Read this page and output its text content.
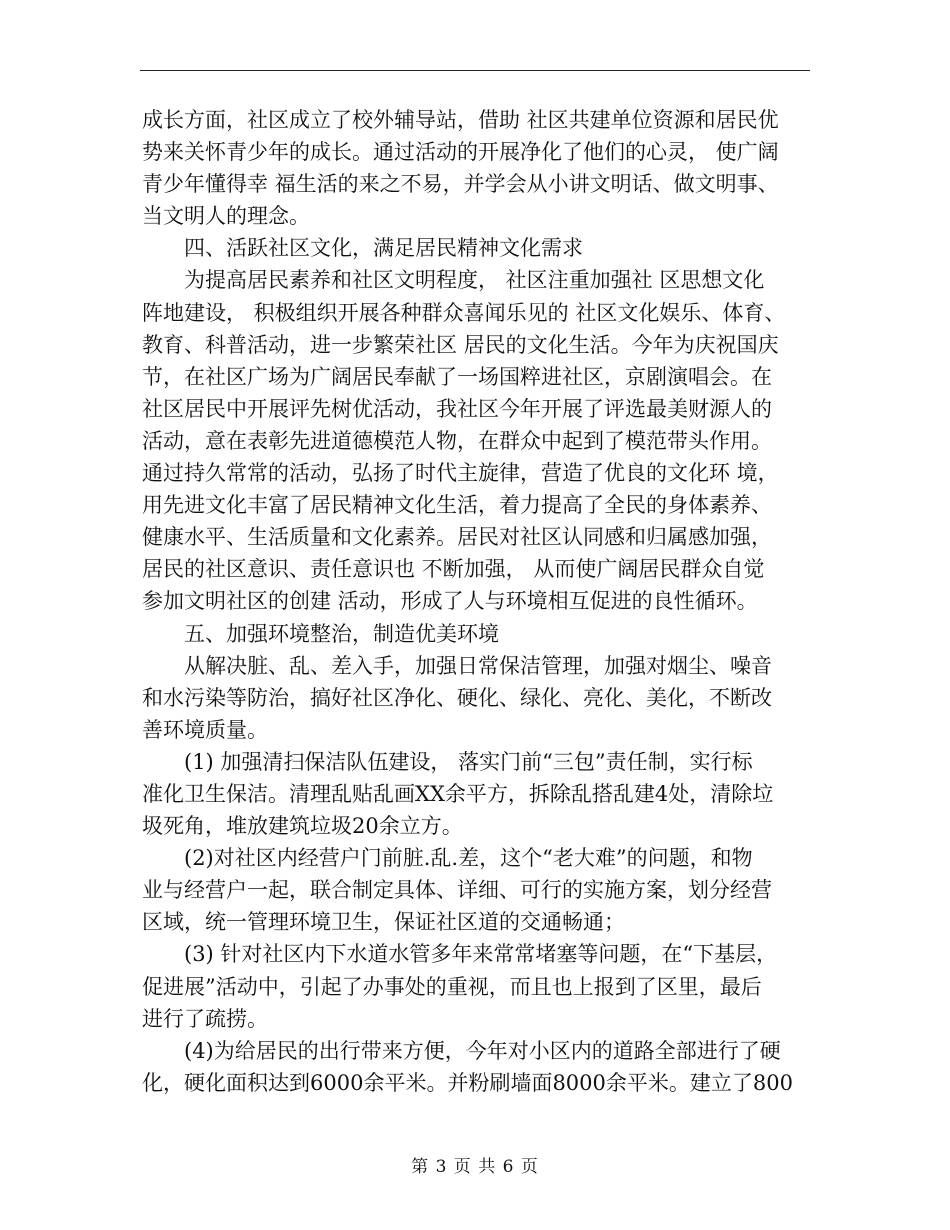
成长方面，社区成立了校外辅导站，借助 社区共建单位资源和居民优
势来关怀青少年的成长。通过活动的开展净化了他们的心灵， 使广阔
青少年懂得幸 福生活的来之不易，并学会从小讲文明话、做文明事、
当文明人的理念。
四、活跃社区文化，满足居民精神文化需求
为提高居民素养和社区文明程度， 社区注重加强社 区思想文化
阵地建设， 积极组织开展各种群众喜闻乐见的 社区文化娱乐、体育、
教育、科普活动，进一步繁荣社区 居民的文化生活。今年为庆祝国庆
节，在社区广场为广阔居民奉献了一场国粹进社区，京剧演唱会。在
社区居民中开展评先树优活动，我社区今年开展了评选最美财源人的
活动，意在表彰先进道德模范人物，在群众中起到了模范带头作用。
通过持久常常的活动，弘扬了时代主旋律，营造了优良的文化环 境，
用先进文化丰富了居民精神文化生活，着力提高了全民的身体素养、
健康水平、生活质量和文化素养。居民对社区认同感和归属感加强，
居民的社区意识、责任意识也 不断加强， 从而使广阔居民群众自觉
参加文明社区的创建 活动，形成了人与环境相互促进的良性循环。
五、加强环境整治，制造优美环境
从解决脏、乱、差入手，加强日常保洁管理，加强对烟尘、噪音
和水污染等防治，搞好社区净化、硬化、绿化、亮化、美化，不断改
善环境质量。
(1) 加强清扫保洁队伍建设， 落实门前“三包”责任制，实行标
准化卫生保洁。清理乱贴乱画XX余平方，拆除乱搭乱建4处，清除垃
圾死角，堆放建筑垃圾20余立方。
(2)对社区内经营户门前脏.乱.差，这个“老大难”的问题，和物
业与经营户一起，联合制定具体、详细、可行的实施方案，划分经营
区域，统一管理环境卫生，保证社区道的交通畅通；
(3) 针对社区内下水道水管多年来常常堵塞等问题，在“下基层，
促进展”活动中，引起了办事处的重视，而且也上报到了区里，最后
进行了疏捞。
(4)为给居民的出行带来方便，今年对小区内的道路全部进行了硬
化，硬化面积达到6000余平米。并粉刷墙面8000余平米。建立了800
第 3 页 共 6 页
